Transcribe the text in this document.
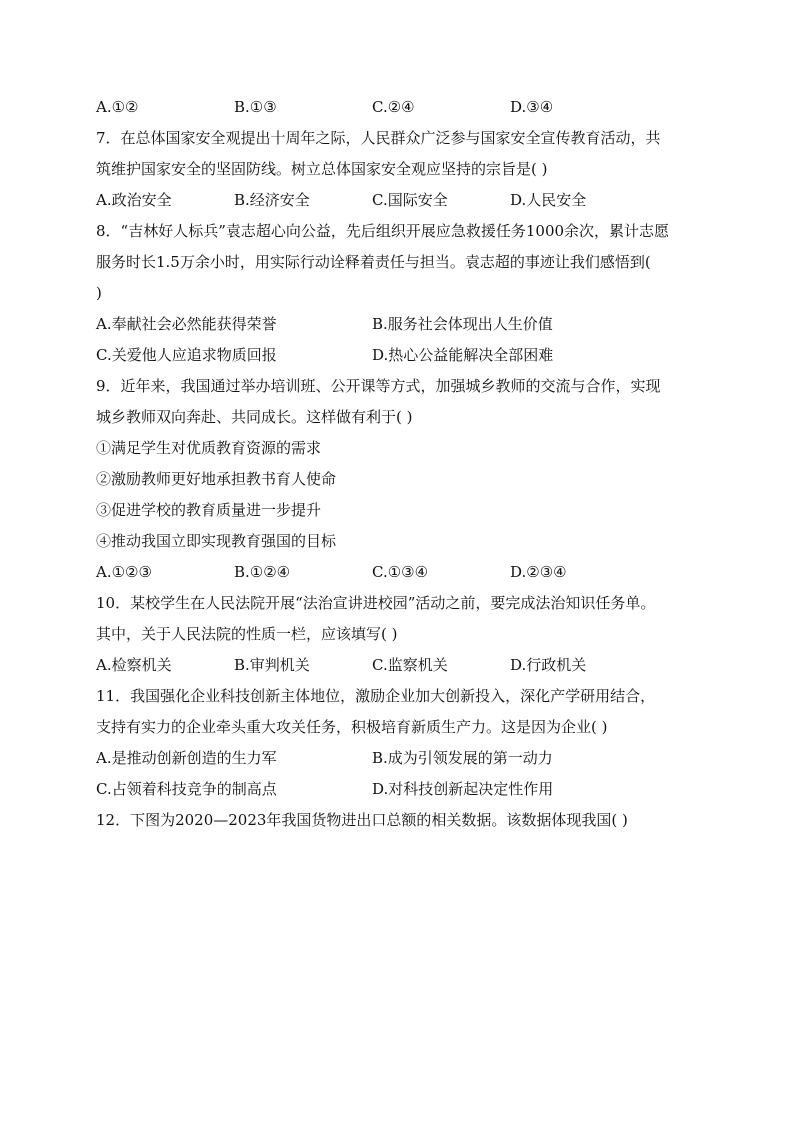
A.①②	B.①③	C.②④	D.③④
7．在总体国家安全观提出十周年之际，人民群众广泛参与国家安全宣传教育活动，共
筑维护国家安全的坚固防线。树立总体国家安全观应坚持的宗旨是( )
A.政治安全	B.经济安全	C.国际安全	D.人民安全
8．“吉林好人标兵”袁志超心向公益，先后组织开展应急救援任务1000余次，累计志愿
服务时长1.5万余小时，用实际行动诠释着责任与担当。袁志超的事迹让我们感悟到(
)
A.奉献社会必然能获得荣誉	B.服务社会体现出人生价值
C.关爱他人应追求物质回报	D.热心公益能解决全部困难
9．近年来，我国通过举办培训班、公开课等方式，加强城乡教师的交流与合作，实现
城乡教师双向奔赴、共同成长。这样做有利于( )
①满足学生对优质教育资源的需求
②激励教师更好地承担教书育人使命
③促进学校的教育质量进一步提升
④推动我国立即实现教育强国的目标
A.①②③	B.①②④	C.①③④	D.②③④
10．某校学生在人民法院开展“法治宣讲进校园”活动之前，要完成法治知识任务单。
其中，关于人民法院的性质一栏，应该填写( )
A.检察机关	B.审判机关	C.监察机关	D.行政机关
11．我国强化企业科技创新主体地位，激励企业加大创新投入，深化产学研用结合，
支持有实力的企业牵头重大攻关任务，积极培育新质生产力。这是因为企业( )
A.是推动创新创造的生力军	B.成为引领发展的第一动力
C.占领着科技竞争的制高点	D.对科技创新起决定性作用
12．下图为2020—2023年我国货物进出口总额的相关数据。该数据体现我国( )
